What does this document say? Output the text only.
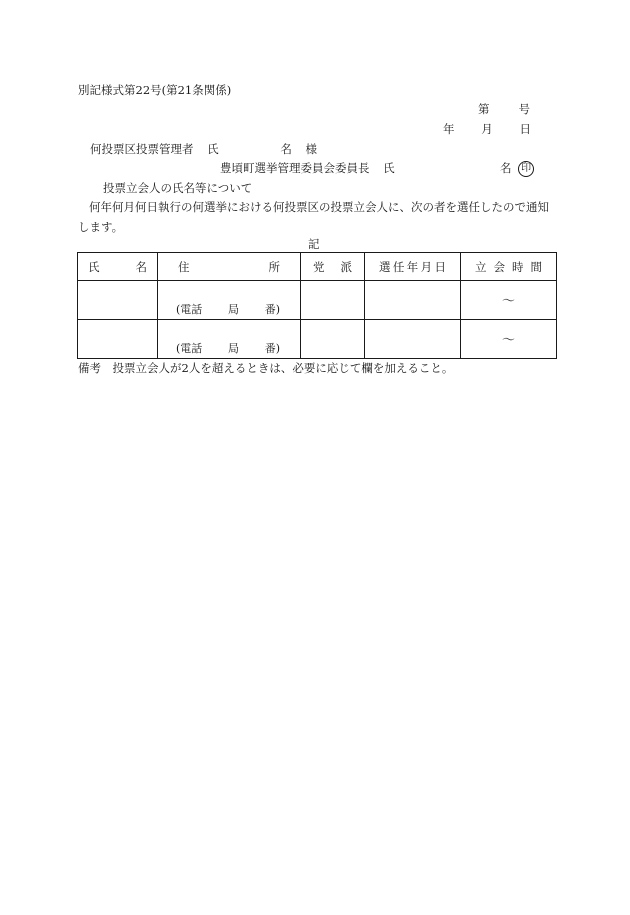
別記様式第22号(第21条関係)
第	号
年 月 日
何投票区投票管理者 氏	名 様
豊頃町選挙管理委員会委員長 氏	名 印
投票立会人の氏名等について
何年何月何日執行の何選挙における何投票区の投票立会人に、次の者を選任したので通知します。
記
氏 名	住 所	党 派	選 任 年 月 日	立 会 時 間

	(電話 局 番)			〜

	(電話 局 番)			〜
備考　投票立会人が2人を超えるときは、必要に応じて欄を加えること。
